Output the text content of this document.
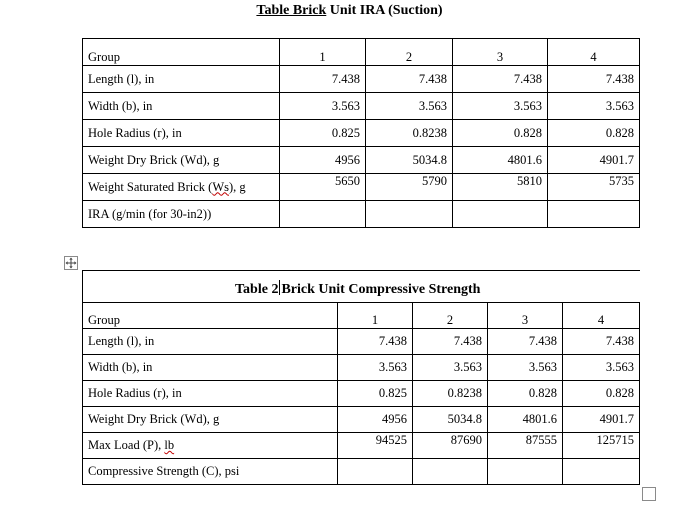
Table Brick Unit IRA (Suction)
Group	1	2	3	4
Length (l), in	7.438	7.438	7.438	7.438
Width (b), in	3.563	3.563	3.563	3.563
Hole Radius (r), in	0.825	0.8238	0.828	0.828
Weight Dry Brick (Wd), g	4956	5034.8	4801.6	4901.7
Weight Saturated Brick (Ws), g	5650	5790	5810	5735
IRA (g/min (for 30-in2))				
Table 2 Brick Unit Compressive Strength
Group	1	2	3	4
Length (l), in	7.438	7.438	7.438	7.438
Width (b), in	3.563	3.563	3.563	3.563
Hole Radius (r), in	0.825	0.8238	0.828	0.828
Weight Dry Brick (Wd), g	4956	5034.8	4801.6	4901.7
Max Load (P), lb	94525	87690	87555	125715
Compressive Strength (C), psi				
